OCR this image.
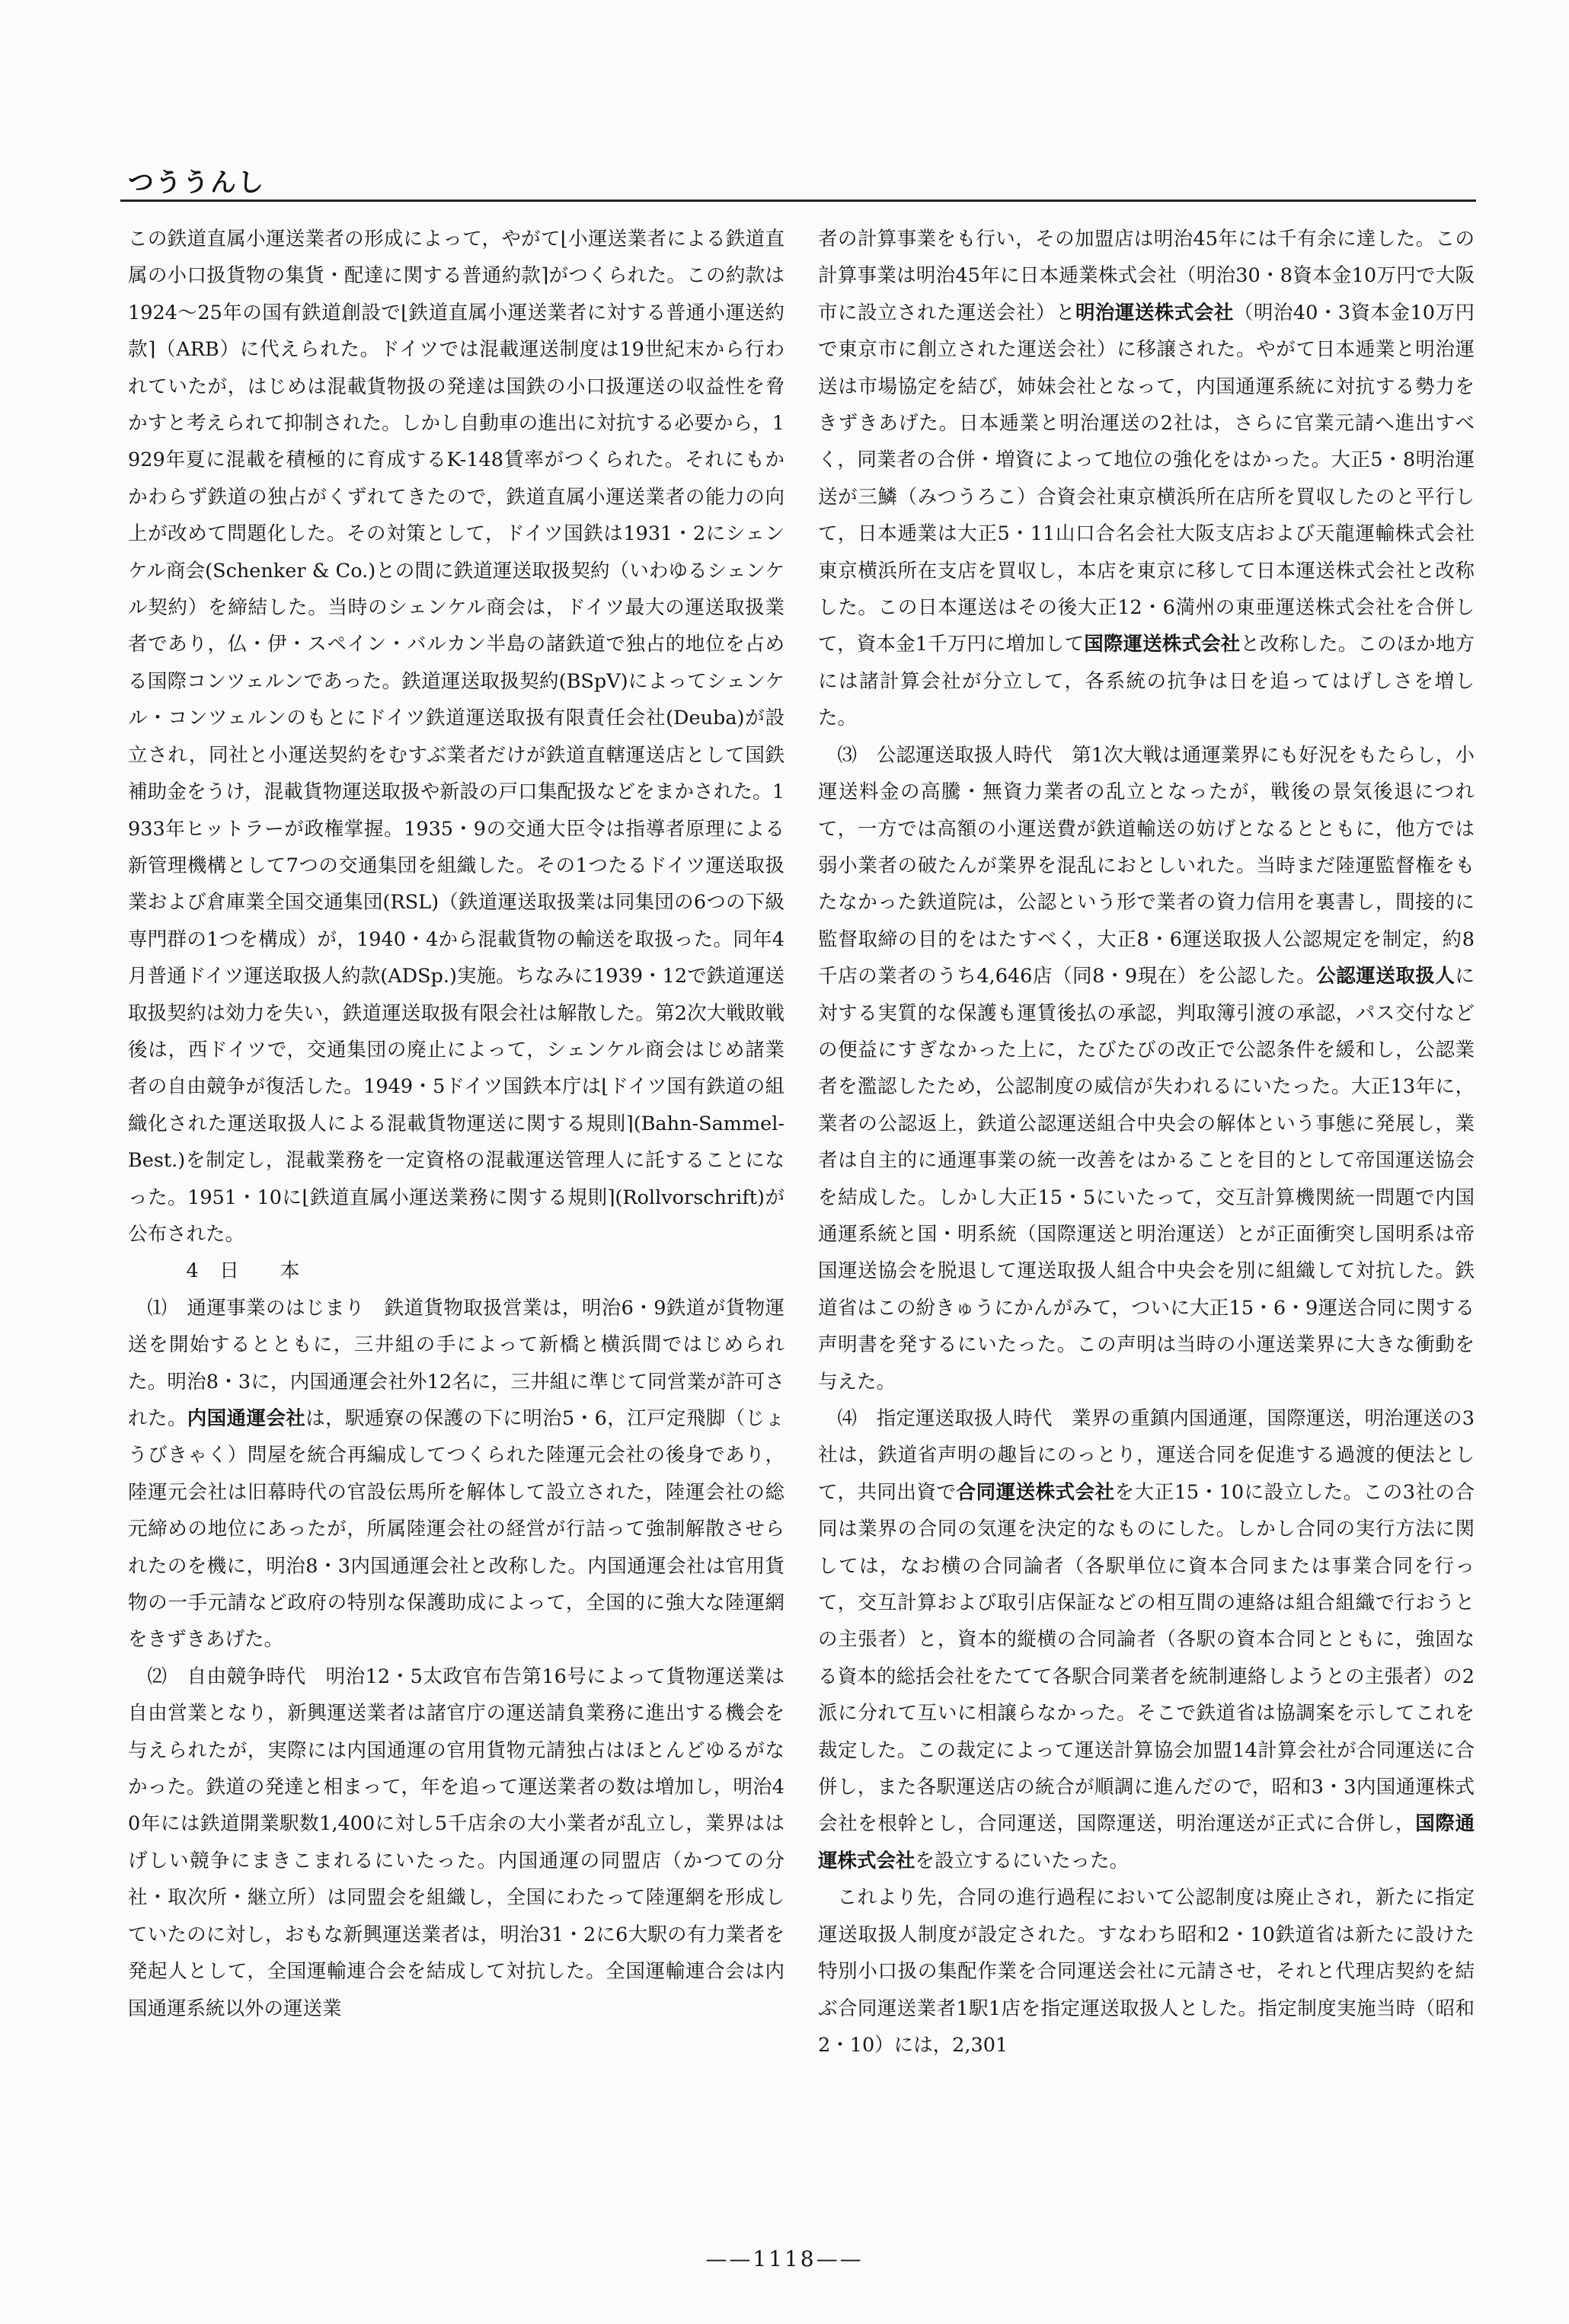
つううんし

この鉄道直属小運送業者の形成によって，やがて⌊小運送業者による鉄道直属の小口扱貨物の集貨・配達に関する普通約款⌉がつくられた。この約款は1924～25年の国有鉄道創設で⌊鉄道直属小運送業者に対する普通小運送約款⌉（ARB）に代えられた。ドイツでは混載運送制度は19世紀末から行われていたが，はじめは混載貨物扱の発達は国鉄の小口扱運送の収益性を脅かすと考えられて抑制された。しかし自動車の進出に対抗する必要から，1929年夏に混載を積極的に育成するK-148賃率がつくられた。それにもかかわらず鉄道の独占がくずれてきたので，鉄道直属小運送業者の能力の向上が改めて問題化した。その対策として，ドイツ国鉄は1931・2にシェンケル商会(Schenker & Co.)との間に鉄道運送取扱契約（いわゆるシェンケル契約）を締結した。当時のシェンケル商会は，ドイツ最大の運送取扱業者であり，仏・伊・スペイン・バルカン半島の諸鉄道で独占的地位を占める国際コンツェルンであった。鉄道運送取扱契約(BSpV)によってシェンケル・コンツェルンのもとにドイツ鉄道運送取扱有限責任会社(Deuba)が設立され，同社と小運送契約をむすぶ業者だけが鉄道直轄運送店として国鉄補助金をうけ，混載貨物運送取扱や新設の戸口集配扱などをまかされた。1933年ヒットラーが政権掌握。1935・9の交通大臣令は指導者原理による新管理機構として7つの交通集団を組織した。その1つたるドイツ運送取扱業および倉庫業全国交通集団(RSL)（鉄道運送取扱業は同集団の6つの下級専門群の1つを構成）が，1940・4から混載貨物の輸送を取扱った。同年4月普通ドイツ運送取扱人約款(ADSp.)実施。ちなみに1939・12で鉄道運送取扱契約は効力を失い，鉄道運送取扱有限会社は解散した。第2次大戦敗戦後は，西ドイツで，交通集団の廃止によって，シェンケル商会はじめ諸業者の自由競争が復活した。1949・5ドイツ国鉄本庁は⌊ドイツ国有鉄道の組織化された運送取扱人による混載貨物運送に関する規則⌉(Bahn-Sammel-Best.)を制定し，混載業務を一定資格の混載運送管理人に託することになった。1951・10に⌊鉄道直属小運送業務に関する規則⌉(Rollvorschrift)が公布された。

4　日　　本

⑴　通運事業のはじまり　鉄道貨物取扱営業は，明治6・9鉄道が貨物運送を開始するとともに，三井組の手によって新橋と横浜間ではじめられた。明治8・3に，内国通運会社外12名に，三井組に準じて同営業が許可された。内国通運会社は，駅逓寮の保護の下に明治5・6，江戸定飛脚（じょうびきゃく）問屋を統合再編成してつくられた陸運元会社の後身であり，陸運元会社は旧幕時代の官設伝馬所を解体して設立された，陸運会社の総元締めの地位にあったが，所属陸運会社の経営が行詰って強制解散させられたのを機に，明治8・3内国通運会社と改称した。内国通運会社は官用貨物の一手元請など政府の特別な保護助成によって，全国的に強大な陸運網をきずきあげた。

⑵　自由競争時代　明治12・5太政官布告第16号によって貨物運送業は自由営業となり，新興運送業者は諸官庁の運送請負業務に進出する機会を与えられたが，実際には内国通運の官用貨物元請独占はほとんどゆるがなかった。鉄道の発達と相まって，年を追って運送業者の数は増加し，明治40年には鉄道開業駅数1,400に対し5千店余の大小業者が乱立し，業界ははげしい競争にまきこまれるにいたった。内国通運の同盟店（かつての分社・取次所・継立所）は同盟会を組織し，全国にわたって陸運網を形成していたのに対し，おもな新興運送業者は，明治31・2に6大駅の有力業者を発起人として，全国運輸連合会を結成して対抗した。全国運輸連合会は内国通運系統以外の運送業

者の計算事業をも行い，その加盟店は明治45年には千有余に達した。この計算事業は明治45年に日本逓業株式会社（明治30・8資本金10万円で大阪市に設立された運送会社）と明治運送株式会社（明治40・3資本金10万円で東京市に創立された運送会社）に移譲された。やがて日本逓業と明治運送は市場協定を結び，姉妹会社となって，内国通運系統に対抗する勢力をきずきあげた。日本逓業と明治運送の2社は，さらに官業元請へ進出すべく，同業者の合併・増資によって地位の強化をはかった。大正5・8明治運送が三鱗（みつうろこ）合資会社東京横浜所在店所を買収したのと平行して，日本逓業は大正5・11山口合名会社大阪支店および天龍運輸株式会社東京横浜所在支店を買収し，本店を東京に移して日本運送株式会社と改称した。この日本運送はその後大正12・6満州の東亜運送株式会社を合併して，資本金1千万円に増加して国際運送株式会社と改称した。このほか地方には諸計算会社が分立して，各系統の抗争は日を追ってはげしさを増した。

⑶　公認運送取扱人時代　第1次大戦は通運業界にも好況をもたらし，小運送料金の高騰・無資力業者の乱立となったが，戦後の景気後退につれて，一方では高額の小運送費が鉄道輸送の妨げとなるとともに，他方では弱小業者の破たんが業界を混乱におとしいれた。当時まだ陸運監督権をもたなかった鉄道院は，公認という形で業者の資力信用を裏書し，間接的に監督取締の目的をはたすべく，大正8・6運送取扱人公認規定を制定，約8千店の業者のうち4,646店（同8・9現在）を公認した。公認運送取扱人に対する実質的な保護も運賃後払の承認，判取簿引渡の承認，パス交付などの便益にすぎなかった上に，たびたびの改正で公認条件を緩和し，公認業者を濫認したため，公認制度の威信が失われるにいたった。大正13年に，業者の公認返上，鉄道公認運送組合中央会の解体という事態に発展し，業者は自主的に通運事業の統一改善をはかることを目的として帝国運送協会を結成した。しかし大正15・5にいたって，交互計算機関統一問題で内国通運系統と国・明系統（国際運送と明治運送）とが正面衝突し国明系は帝国運送協会を脱退して運送取扱人組合中央会を別に組織して対抗した。鉄道省はこの紛きゅうにかんがみて，ついに大正15・6・9運送合同に関する声明書を発するにいたった。この声明は当時の小運送業界に大きな衝動を与えた。

⑷　指定運送取扱人時代　業界の重鎮内国通運，国際運送，明治運送の3社は，鉄道省声明の趣旨にのっとり，運送合同を促進する過渡的便法として，共同出資で合同運送株式会社を大正15・10に設立した。この3社の合同は業界の合同の気運を決定的なものにした。しかし合同の実行方法に関しては，なお横の合同論者（各駅単位に資本合同または事業合同を行って，交互計算および取引店保証などの相互間の連絡は組合組織で行おうとの主張者）と，資本的縦横の合同論者（各駅の資本合同とともに，強固なる資本的総括会社をたてて各駅合同業者を統制連絡しようとの主張者）の2派に分れて互いに相譲らなかった。そこで鉄道省は協調案を示してこれを裁定した。この裁定によって運送計算協会加盟14計算会社が合同運送に合併し，また各駅運送店の統合が順調に進んだので，昭和3・3内国通運株式会社を根幹とし，合同運送，国際運送，明治運送が正式に合併し，国際通運株式会社を設立するにいたった。

これより先，合同の進行過程において公認制度は廃止され，新たに指定運送取扱人制度が設定された。すなわち昭和2・10鉄道省は新たに設けた特別小口扱の集配作業を合同運送会社に元請させ，それと代理店契約を結ぶ合同運送業者1駅1店を指定運送取扱人とした。指定制度実施当時（昭和2・10）には，2,301

——1118——
